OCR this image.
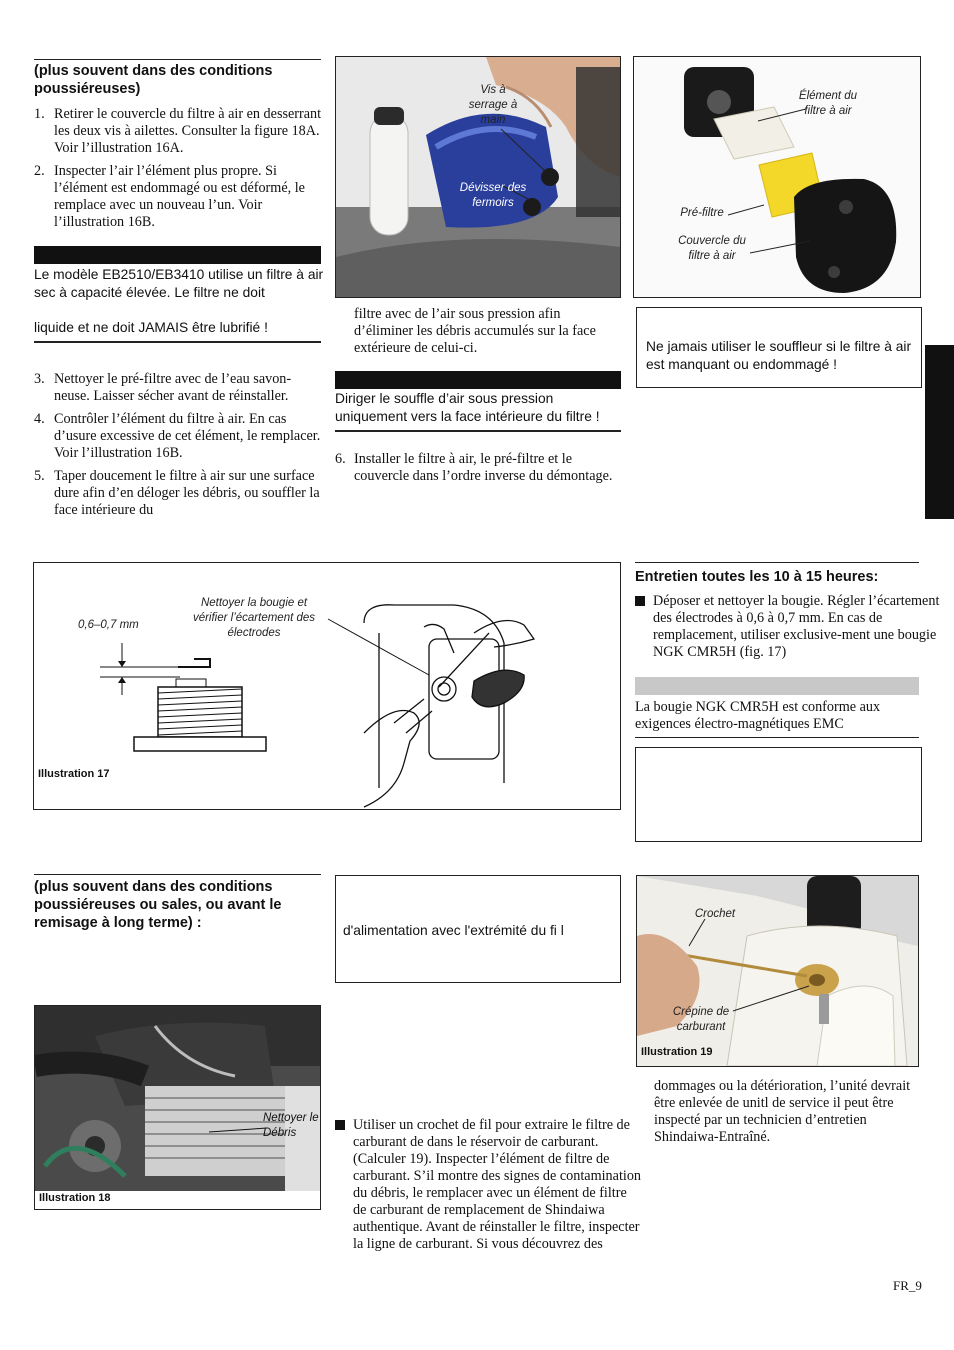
(plus souvent dans des conditions poussiéreuses)
1. Retirer le couvercle du filtre à air en desserrant les deux vis à ailettes. Consulter la figure 18A. Voir l’illustration 16A.
2. Inspecter l’air l’élément plus propre. Si l’élément est endommagé ou est déformé, le remplace avec un nouveau l’un. Voir l’illustration 16B.
Le modèle EB2510/EB3410 utilise un filtre à air sec à capacité élevée. Le filtre ne doit
liquide et ne doit JAMAIS être lubrifié !
3. Nettoyer le pré-filtre avec de l’eau savon-neuse. Laisser sécher avant de réinstaller.
4. Contrôler l’élément du filtre à air. En cas d’usure excessive de cet élément, le remplacer. Voir l’illustration 16B.
5. Taper doucement le filtre à air sur une surface dure afin d’en déloger les débris, ou souffler la face intérieure du
Vis à serrage à main
Dévisser des fermoirs
filtre avec de l’air sous pression afin d’éliminer les débris accumulés sur la face extérieure de celui-ci.
Diriger le souffle d’air sous pression uniquement vers la face intérieure du filtre !
6. Installer le filtre à air, le pré-filtre et le couvercle dans l’ordre inverse du démontage.
Élément du filtre à air
Pré-filtre
Couvercle du filtre à air
Ne jamais utiliser le souffleur si le filtre à air est manquant ou endommagé !
0,6–0,7 mm
Nettoyer la bougie et vérifier l’écartement des électrodes
Illustration 17
Entretien toutes les 10 à 15 heures:
Déposer et nettoyer la bougie. Régler l’écartement des électrodes à 0,6 à 0,7 mm. En cas de remplacement, utiliser exclusive-ment une bougie NGK CMR5H (fig. 17)
La bougie NGK CMR5H est conforme aux exigences électro-magnétiques EMC
(plus souvent dans des conditions poussiéreuses ou sales, ou avant le remisage à long terme) :
Nettoyer le Débris
Illustration 18
d'alimentation avec l'extrémité du fi l
Utiliser un crochet de fil pour extraire le filtre de carburant de dans le réservoir de carburant. (Calculer 19). Inspecter l’élément de filtre de carburant. S’il montre des signes de contamination du débris, le remplacer avec un élément de filtre de carburant de remplacement de Shindaiwa authentique. Avant de réinstaller le filtre, inspecter la ligne de carburant. Si vous découvrez des
Crochet
Crépine de carburant
Illustration 19
dommages ou la détérioration, l’unité devrait être enlevée de unitl de service il peut être inspecté par un technicien d’entretien Shindaiwa-Entraîné.
FR_9
